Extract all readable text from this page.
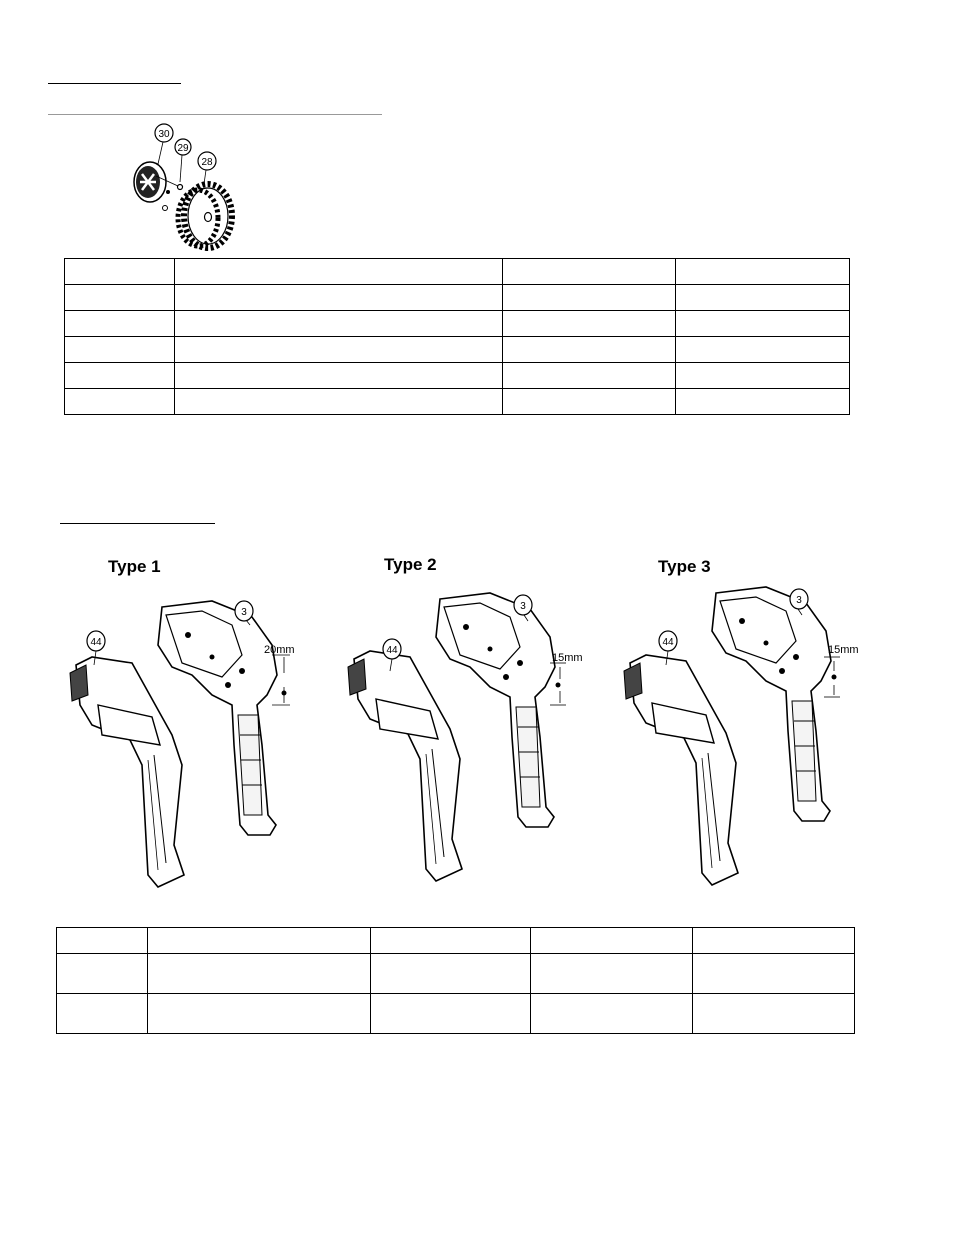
30
29
28

Type 1	Type 2	Type 3
44
3
20mm	44
3
15mm
44
3
15mm
